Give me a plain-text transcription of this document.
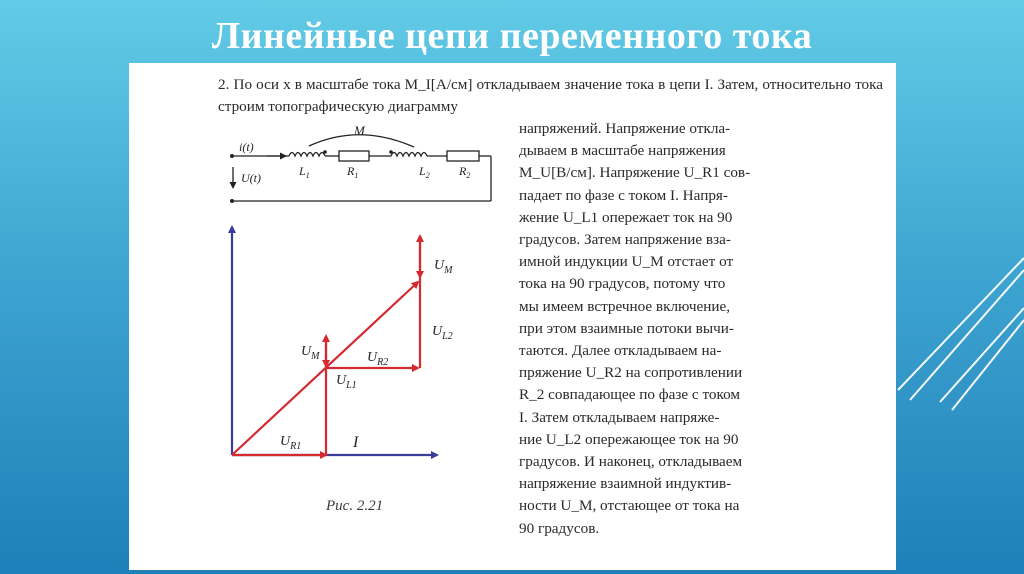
Линейные цепи переменного тока

2. По оси x в масштабе тока M_I[A/см] откладываем значение тока в цепи I. Затем, относительно тока строим топографическую диаграмму

напряжений. Напряжение откла-
дываем в масштабе напряжения
M_U[B/см]. Напряжение U_R1 сов-
падает по фазе с током I. Напря-
жение U_L1 опережает ток на 90
градусов. Затем напряжение вза-
имной индукции U_M отстает от
тока на 90 градусов, потому что
мы имеем встречное включение,
при этом взаимные потоки вычи-
таются. Далее откладываем на-
пряжение U_R2 на сопротивлении
R_2 совпадающее по фазе с током
I. Затем откладываем напряже-
ние U_L2 опережающее ток на 90
градусов. И наконец, откладываем
напряжение взаимной индуктив-
ности U_M, отстающее от тока на
90 градусов.

i(t)
U(t)
M
$L_1$	$R_1$	$L_2$ $R_2$
$U_M$
$U_{L2}$
$U_M$	$U_{R2}$
$U_{L1}$
$U_{R1}$	I

Рис. 2.21
